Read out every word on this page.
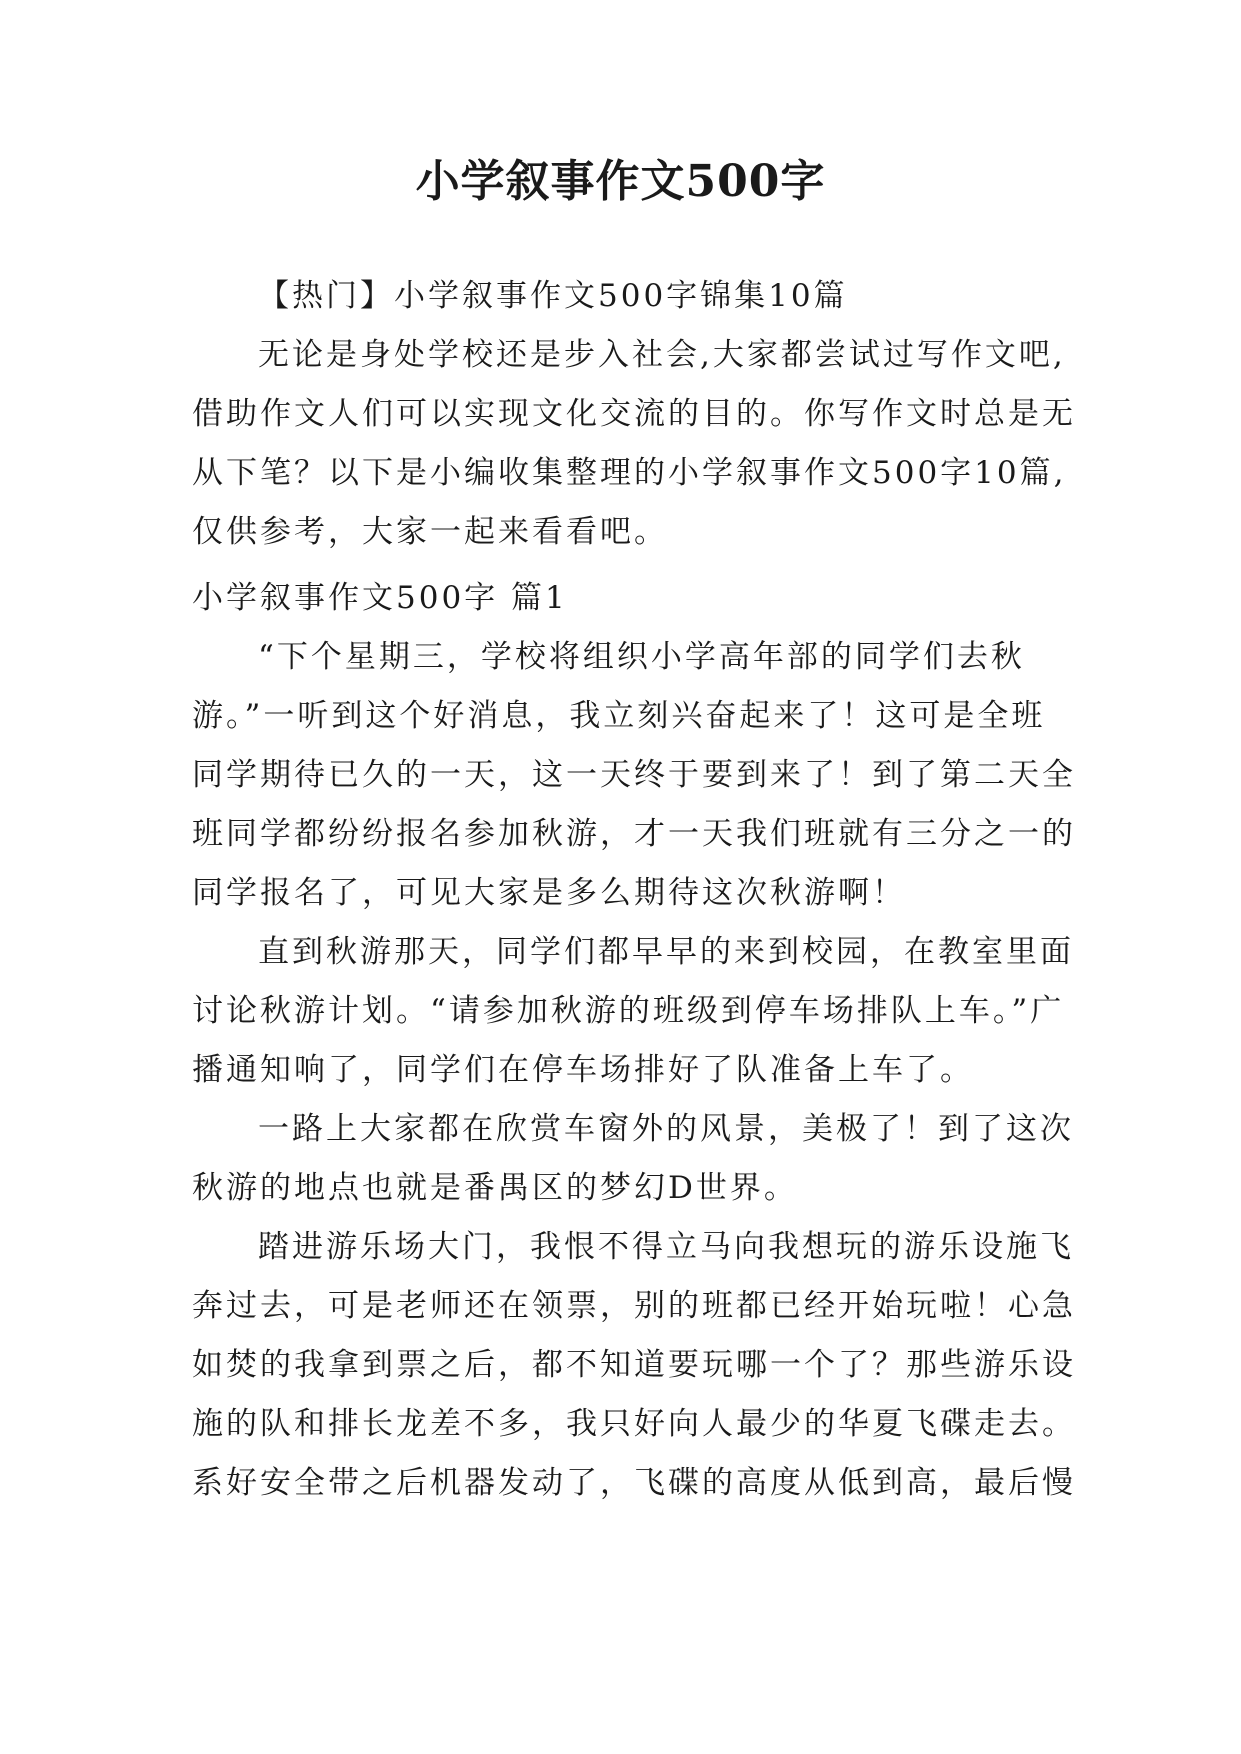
小学叙事作文500字
【热门】小学叙事作文500字锦集10篇
无论是身处学校还是步入社会,大家都尝试过写作文吧,
借助作文人们可以实现文化交流的目的。你写作文时总是无
从下笔？以下是小编收集整理的小学叙事作文500字10篇,
仅供参考，大家一起来看看吧。
小学叙事作文500字 篇1
“下个星期三，学校将组织小学高年部的同学们去秋
游。”一听到这个好消息，我立刻兴奋起来了！这可是全班
同学期待已久的一天，这一天终于要到来了！到了第二天全
班同学都纷纷报名参加秋游，才一天我们班就有三分之一的
同学报名了，可见大家是多么期待这次秋游啊！
直到秋游那天，同学们都早早的来到校园，在教室里面
讨论秋游计划。“请参加秋游的班级到停车场排队上车。”广
播通知响了，同学们在停车场排好了队准备上车了。
一路上大家都在欣赏车窗外的风景，美极了！到了这次
秋游的地点也就是番禺区的梦幻D世界。
踏进游乐场大门，我恨不得立马向我想玩的游乐设施飞
奔过去，可是老师还在领票，别的班都已经开始玩啦！心急
如焚的我拿到票之后，都不知道要玩哪一个了？那些游乐设
施的队和排长龙差不多，我只好向人最少的华夏飞碟走去。
系好安全带之后机器发动了，飞碟的高度从低到高，最后慢
